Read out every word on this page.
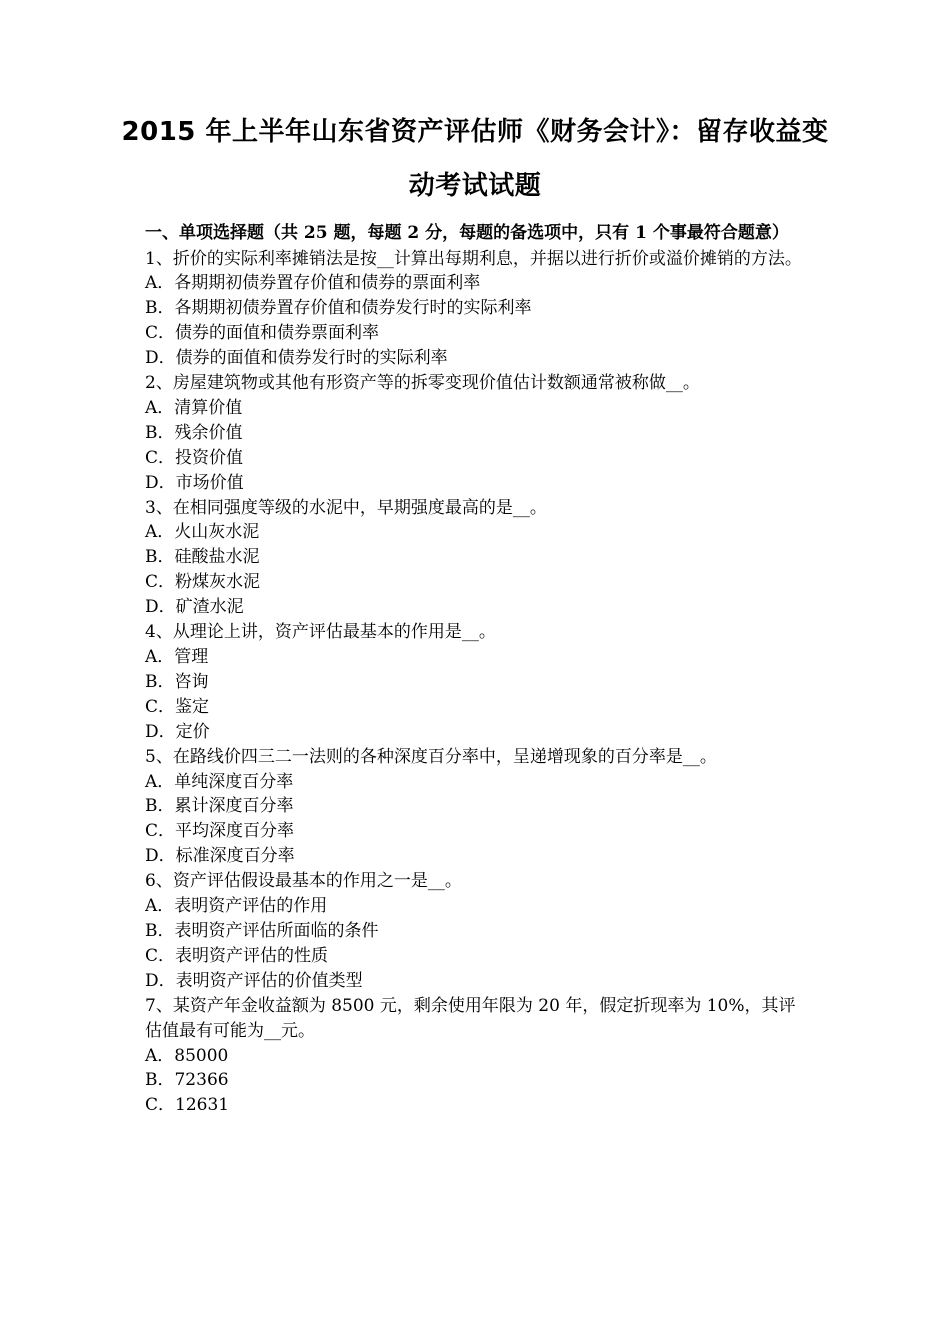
2015 年上半年山东省资产评估师《财务会计》：留存收益变
动考试试题

一、单项选择题（共 25 题，每题 2 分，每题的备选项中，只有 1 个事最符合题意）

1、折价的实际利率摊销法是按__计算出每期利息，并据以进行折价或溢价摊销的方法。

A．各期期初债券置存价值和债券的票面利率

B．各期期初债券置存价值和债券发行时的实际利率

C．债券的面值和债券票面利率

D．债券的面值和债券发行时的实际利率

2、房屋建筑物或其他有形资产等的拆零变现价值估计数额通常被称做__。

A．清算价值

B．残余价值

C．投资价值

D．市场价值

3、在相同强度等级的水泥中，早期强度最高的是__。

A．火山灰水泥

B．硅酸盐水泥

C．粉煤灰水泥

D．矿渣水泥

4、从理论上讲，资产评估最基本的作用是__。

A．管理

B．咨询

C．鉴定

D．定价

5、在路线价四三二一法则的各种深度百分率中，呈递增现象的百分率是__。

A．单纯深度百分率

B．累计深度百分率

C．平均深度百分率

D．标准深度百分率

6、资产评估假设最基本的作用之一是__。

A．表明资产评估的作用

B．表明资产评估所面临的条件

C．表明资产评估的性质

D．表明资产评估的价值类型

7、某资产年金收益额为 8500 元，剩余使用年限为 20 年，假定折现率为 10%，其评估值最有可能为__元。

A．85000

B．72366

C．12631
